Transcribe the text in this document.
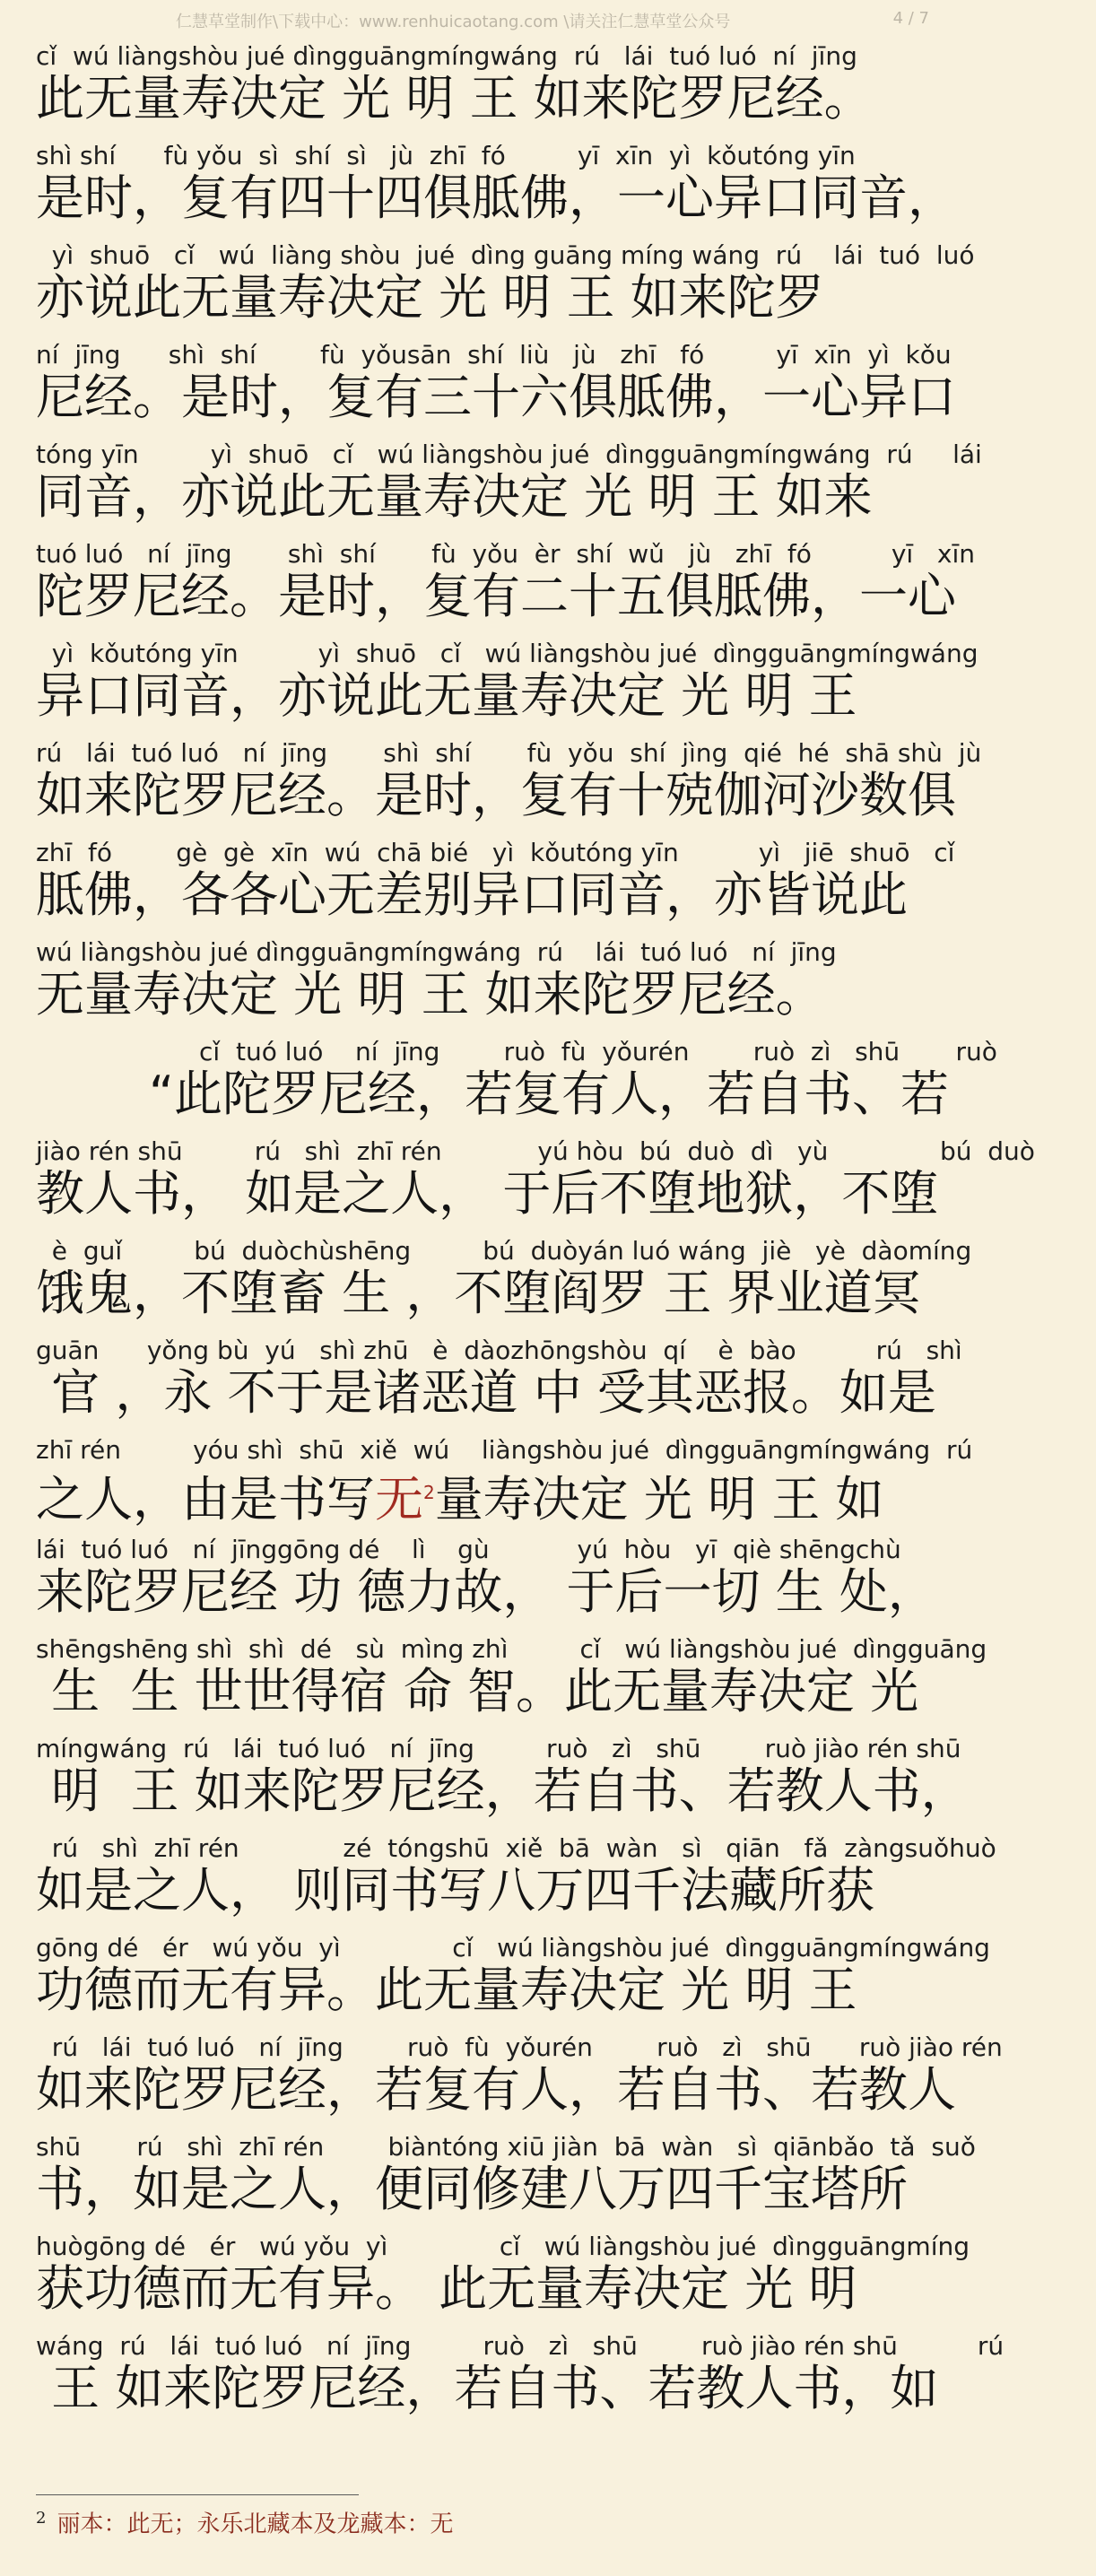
仁慧草堂制作\下载中心：www.renhuicaotang.com \请关注仁慧草堂公众号	4 / 7
cǐ  wú liàngshòu jué dìngguāngmíngwáng  rú   lái  tuó luó  ní  jīng
此无量寿决定 光 明 王 如来陀罗尼经。
shì shí      fù yǒu  sì  shí  sì   jù  zhī  fó         yī  xīn  yì  kǒutóng yīn
是时，复有四十四俱胝佛，一心异口同音，
yì  shuō   cǐ   wú  liàng shòu  jué  dìng guāng míng wáng  rú    lái  tuó  luó
亦说此无量寿决定 光 明 王 如来陀罗
ní  jīng      shì  shí        fù  yǒusān  shí  liù   jù   zhī   fó         yī  xīn  yì  kǒu
尼经。是时，复有三十六俱胝佛，一心异口
tóng yīn         yì  shuō   cǐ   wú liàngshòu jué  dìngguāngmíngwáng  rú     lái
同音，亦说此无量寿决定 光 明 王 如来
tuó luó   ní  jīng       shì  shí       fù  yǒu  èr  shí  wǔ   jù   zhī  fó          yī   xīn
陀罗尼经。是时，复有二十五俱胝佛，一心
yì  kǒutóng yīn          yì  shuō   cǐ   wú liàngshòu jué  dìngguāngmíngwáng
异口同音，亦说此无量寿决定 光 明 王
rú   lái  tuó luó   ní  jīng       shì  shí       fù  yǒu  shí  jìng  qié  hé  shā shù  jù
如来陀罗尼经。是时，复有十殑伽河沙数俱
zhī  fó        gè  gè  xīn  wú  chā bié   yì  kǒutóng yīn          yì   jiē  shuō   cǐ
胝佛，各各心无差别异口同音，亦皆说此
wú liàngshòu jué dìngguāngmíngwáng  rú    lái  tuó luó   ní  jīng
无量寿决定 光 明 王 如来陀罗尼经。
cǐ  tuó luó    ní  jīng        ruò  fù  yǒurén        ruò  zì   shū       ruò
“此陀罗尼经，若复有人，若自书、若
jiào rén shū         rú   shì  zhī rén            yú hòu  bú  duò  dì   yù              bú  duò
教人书， 如是之人， 于后不堕地狱，不堕
è  guǐ         bú  duòchùshēng         bú  duòyán luó wáng  jiè   yè  dàomíng
饿鬼，不堕畜 生 ，不堕阎罗 王 界业道冥
guān      yǒng bù  yú   shì zhū   è  dàozhōngshòu  qí    è  bào          rú   shì
官 ，永 不于是诸恶道 中 受其恶报。如是
zhī rén         yóu shì  shū  xiě  wú    liàngshòu jué  dìngguāngmíngwáng  rú
之人，由是书写无$^2$量寿决定 光 明 王 如
lái  tuó luó   ní  jīnggōng dé    lì    gù           yú  hòu   yī  qiè shēngchù
来陀罗尼经 功 德力故， 于后一切 生 处，
shēngshēng shì  shì  dé   sù  mìng zhì         cǐ   wú liàngshòu jué  dìngguāng
生  生 世世得宿 命 智。此无量寿决定 光
míngwáng  rú   lái  tuó luó   ní  jīng         ruò   zì   shū        ruò jiào rén shū
明  王 如来陀罗尼经，若自书、若教人书，
rú   shì  zhī rén             zé  tóngshū  xiě  bā  wàn   sì   qiān   fǎ  zàngsuǒhuò
如是之人， 则同书写八万四千法藏所获
gōng dé   ér   wú yǒu  yì              cǐ   wú liàngshòu jué  dìngguāngmíngwáng
功德而无有异。此无量寿决定 光 明 王
rú   lái  tuó luó   ní  jīng        ruò  fù  yǒurén        ruò   zì   shū      ruò jiào rén
如来陀罗尼经，若复有人，若自书、若教人
shū       rú   shì  zhī rén        biàntóng xiū jiàn  bā  wàn   sì  qiānbǎo  tǎ  suǒ
书，如是之人，便同修建八万四千宝塔所
huògōng dé   ér   wú yǒu  yì              cǐ   wú liàngshòu jué  dìngguāngmíng
获功德而无有异。 此无量寿决定 光 明
wáng  rú   lái  tuó luó   ní  jīng         ruò   zì   shū        ruò jiào rén shū          rú
王 如来陀罗尼经，若自书、若教人书，如
$^2$ 丽本：此无；永乐北藏本及龙藏本：无
